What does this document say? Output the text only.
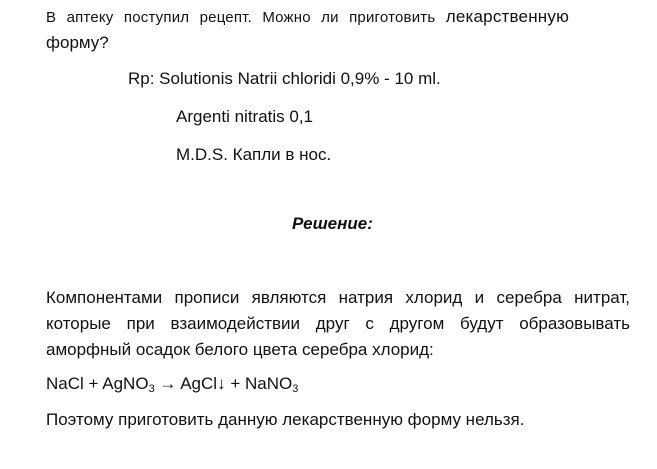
В аптеку поступил рецепт. Можно ли приготовить лекарственную
форму?
Rp: Solutionis Natrii chloridi 0,9% - 10 ml.
Argenti nitratis 0,1
M.D.S. Капли в нос.
Решение:
Компонентами прописи являются натрия хлорид и серебра нитрат,
которые при взаимодействии друг с другом будут образовывать
аморфный осадок белого цвета серебра хлорид:
NaCl + AgNO$_3$ → AgCl↓ + NaNO$_3$
Поэтому приготовить данную лекарственную форму нельзя.
